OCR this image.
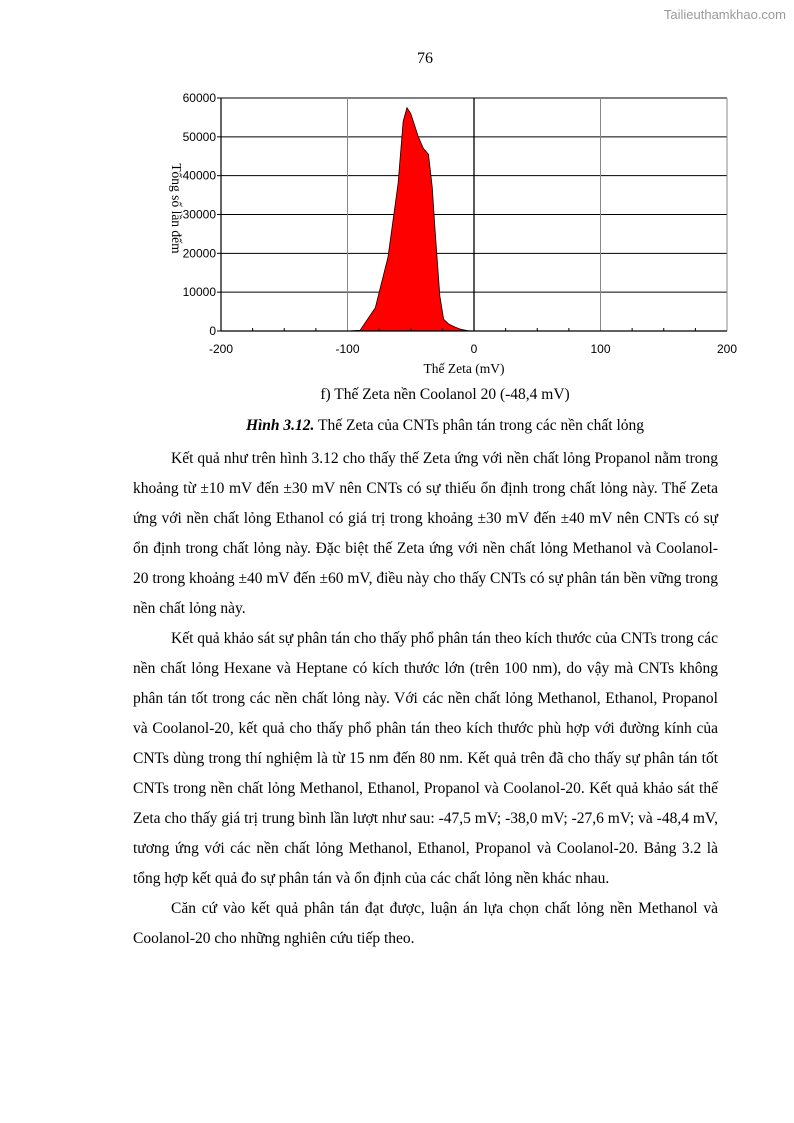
Tailieuthamkhao.com
76
0
10000
20000
30000
40000
50000
60000
-200	-100	0	100	200
Thế Zeta (mV)
Tổng số lần đếm
f) Thế Zeta nền Coolanol 20 (-48,4 mV)
Hình 3.12. Thế Zeta của CNTs phân tán trong các nền chất lỏng

Kết quả như trên hình 3.12 cho thấy thế Zeta ứng với nền chất lỏng Propanol nằm trong khoảng từ ±10 mV đến ±30 mV nên CNTs có sự thiếu ổn định trong chất lỏng này. Thế Zeta ứng với nền chất lỏng Ethanol có giá trị trong khoảng ±30 mV đến ±40 mV nên CNTs có sự ổn định trong chất lỏng này. Đặc biệt thế Zeta ứng với nền chất lỏng Methanol và Coolanol-20 trong khoảng ±40 mV đến ±60 mV, điều này cho thấy CNTs có sự phân tán bền vững trong nền chất lỏng này.

Kết quả khảo sát sự phân tán cho thấy phổ phân tán theo kích thước của CNTs trong các nền chất lỏng Hexane và Heptane có kích thước lớn (trên 100 nm), do vậy mà CNTs không phân tán tốt trong các nền chất lỏng này. Với các nền chất lỏng Methanol, Ethanol, Propanol và Coolanol-20, kết quả cho thấy phổ phân tán theo kích thước phù hợp với đường kính của CNTs dùng trong thí nghiệm là từ 15 nm đến 80 nm. Kết quả trên đã cho thấy sự phân tán tốt CNTs trong nền chất lỏng Methanol, Ethanol, Propanol và Coolanol-20. Kết quả khảo sát thế Zeta cho thấy giá trị trung bình lần lượt như sau: -47,5 mV; -38,0 mV; -27,6 mV; và -48,4 mV, tương ứng với các nền chất lỏng Methanol, Ethanol, Propanol và Coolanol-20. Bảng 3.2 là tổng hợp kết quả đo sự phân tán và ổn định của các chất lỏng nền khác nhau.

Căn cứ vào kết quả phân tán đạt được, luận án lựa chọn chất lỏng nền Methanol và Coolanol-20 cho những nghiên cứu tiếp theo.
